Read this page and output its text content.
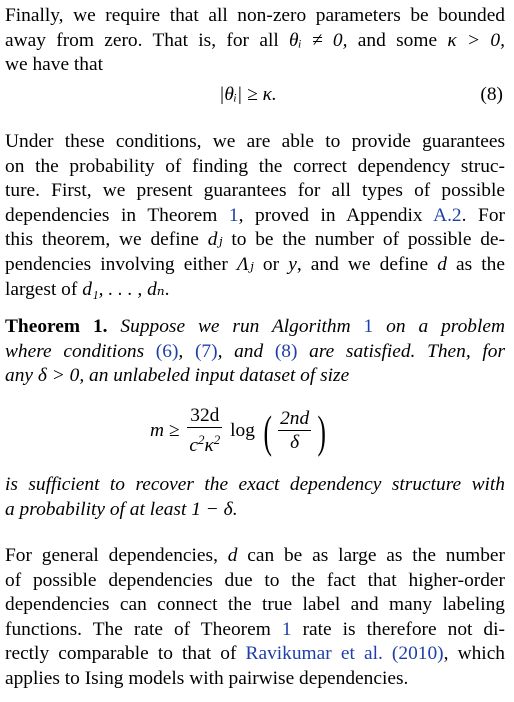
Finally, we require that all non-zero parameters be bounded
away from zero. That is, for all θᵢ ≠ 0, and some κ > 0,
we have that
|θᵢ| ≥ κ.	(8)
Under these conditions, we are able to provide guarantees
on the probability of finding the correct dependency struc-
ture. First, we present guarantees for all types of possible
dependencies in Theorem 1, proved in Appendix A.2. For
this theorem, we define dⱼ to be the number of possible de-
pendencies involving either Λⱼ or y, and we define d as the
largest of d₁, . . . , dₙ.
Theorem 1. Suppose we run Algorithm 1 on a problem
where conditions (6), (7), and (8) are satisfied. Then, for
any δ > 0, an unlabeled input dataset of size
$m \ge \frac{32d}{c^2\kappa^2}$ log ( $\frac{2nd}{\delta}$ )
is sufficient to recover the exact dependency structure with
a probability of at least 1 − δ.
For general dependencies, d can be as large as the number
of possible dependencies due to the fact that higher-order
dependencies can connect the true label and many labeling
functions. The rate of Theorem 1 rate is therefore not di-
rectly comparable to that of Ravikumar et al. (2010), which
applies to Ising models with pairwise dependencies.
